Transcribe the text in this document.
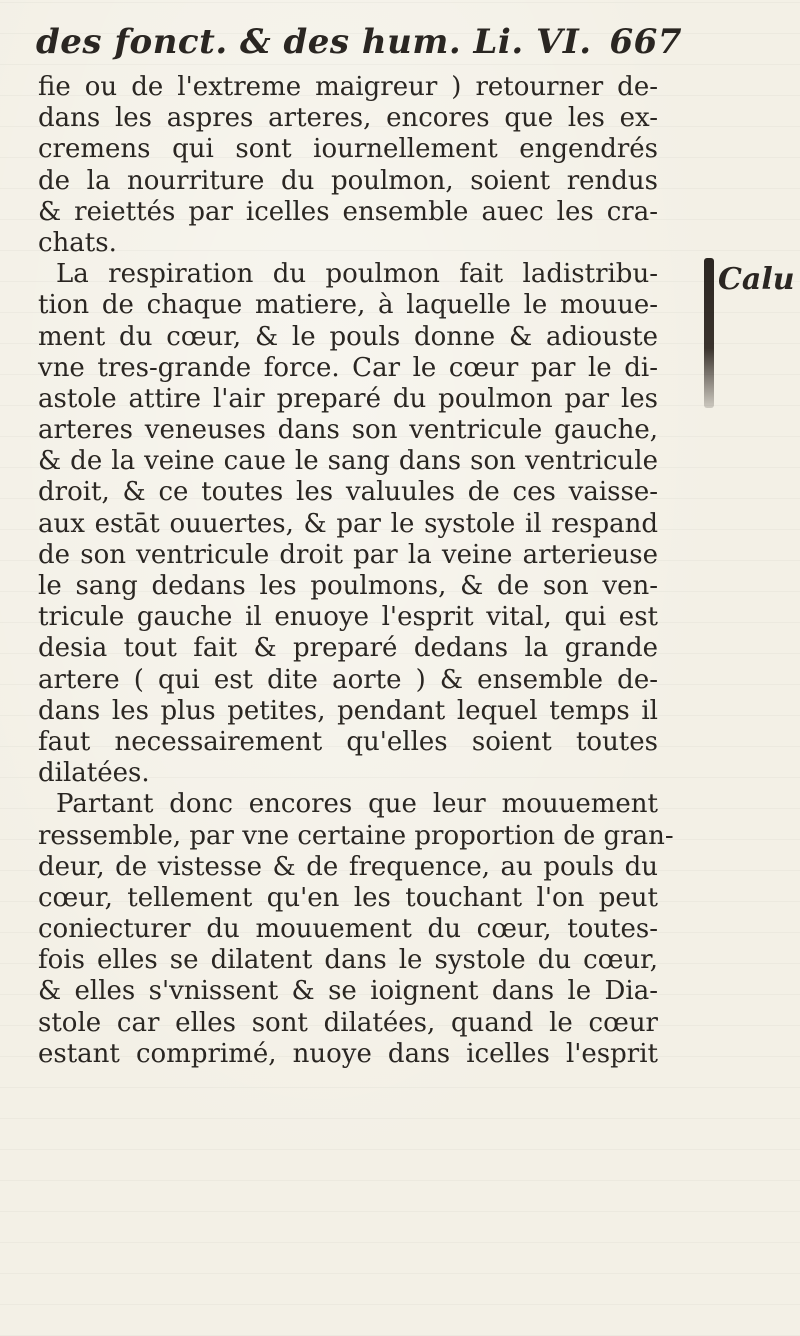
des fonct. & des hum. Li. VI. 667
fie ou de l'extreme maigreur ) retourner de-
dans les aspres arteres, encores que les ex-
cremens qui sont iournellement engendrés
de la nourriture du poulmon, soient rendus
& reiettés par icelles ensemble auec les cra-
chats.
La respiration du poulmon fait ladistribu-
tion de chaque matiere, à laquelle le mouue-
ment du cœur, & le pouls donne & adiouste
vne tres-grande force. Car le cœur par le di-
astole attire l'air preparé du poulmon par les
arteres veneuses dans son ventricule gauche,
& de la veine caue le sang dans son ventricule
droit, & ce toutes les valuules de ces vaisse-
aux estāt ouuertes, & par le systole il respand
de son ventricule droit par la veine arterieuse
le sang dedans les poulmons, & de son ven-
tricule gauche il enuoye l'esprit vital, qui est
desia tout fait & preparé dedans la grande
artere ( qui est dite aorte ) & ensemble de-
dans les plus petites, pendant lequel temps il
faut necessairement qu'elles soient toutes
dilatées.
Partant donc encores que leur mouuement
ressemble, par vne certaine proportion de gran-
deur, de vistesse & de frequence, au pouls du
cœur, tellement qu'en les touchant l'on peut
coniecturer du mouuement du cœur, toutes-
fois elles se dilatent dans le systole du cœur,
& elles s'vnissent & se ioignent dans le Dia-
stole car elles sont dilatées, quand le cœur
estant comprimé, nuoye dans icelles l'esprit
Calu
